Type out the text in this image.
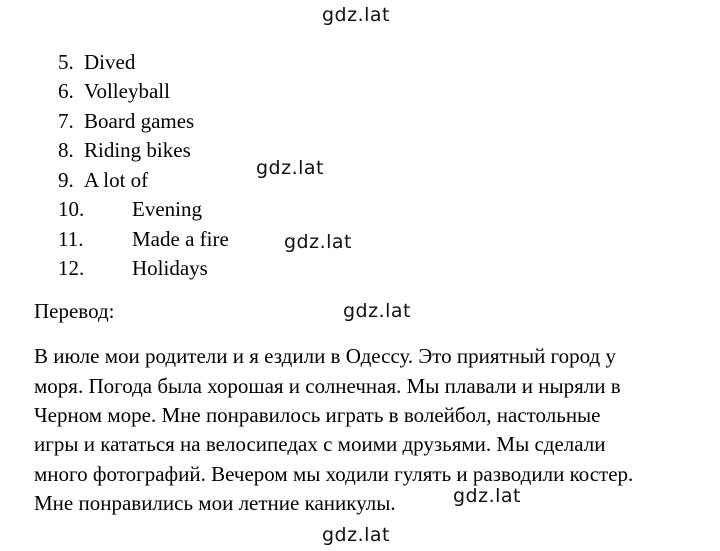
gdz.lat
gdz.lat
gdz.lat
gdz.lat
gdz.lat
gdz.lat
5. Dived
6. Volleyball
7. Board games
8. Riding bikes
9. A lot of
10. Evening
11. Made a fire
12. Holidays
Перевод:
В июле мои родители и я ездили в Одессу. Это приятный город у
моря. Погода была хорошая и солнечная. Мы плавали и ныряли в
Черном море. Мне понравилось играть в волейбол, настольные
игры и кататься на велосипедах с моими друзьями. Мы сделали
много фотографий. Вечером мы ходили гулять и разводили костер.
Мне понравились мои летние каникулы.
